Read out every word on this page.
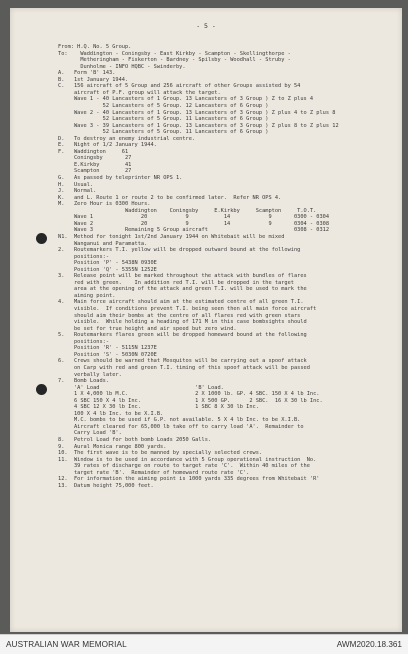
- 5 -
From: H.Q. No. 5 Group.
To:    Waddington - Coningsby - East Kirkby - Scampton - Skellingthorpe -
Metheringham - Fiskerton - Bardney - Spilsby - Woodhall - Struby -
Dunholme - INFO HQBC - Swinderby.
A.   Form 'B' 143.
B.   1st January 1944.
C.   156 aircraft of 5 Group and 256 aircraft of other Groups assisted by 54
aircraft of P.F. group will attack the target.
Wave 1 - 40 Lancasters of 1 Group. 13 Lancasters of 3 Group ) Z to Z plus 4
52 Lancasters of 5 Group. 12 Lancasters of 6 Group )
Wave 2 - 40 Lancasters of 1 Group. 13 Lancasters of 3 Group ) Z plus 4 to Z plus 8
52 Lancasters of 5 Group. 11 Lancasters of 6 Group )
Wave 3 - 39 Lancasters of 1 Group. 13 Lancasters of 3 Group ) Z plus 8 to Z plus 12
52 Lancasters of 5 Group. 11 Lancasters of 6 Group )
D.   To destroy an enemy industrial centre.
E.   Night of 1/2 January 1944.
F.   Waddington     61
Coningsby       27
E.Kirkby        41
Scampton        27
G.   As passed by teleprinter NR OPS 1.
H.   Usual.
J.   Normal.
K.   and L. Route 1 or route 2 to be confirmed later.  Refer NR OPS 4.
M.   Zero Hour is 0300 Hours.
Waddington    Coningsby     E.Kirkby     Scampton     T.O.T.
Wave 1               20            9           14            9       0300 - 0304
Wave 2               20            9           14            9       0304 - 0308
Wave 3          Remaining 5 Group aircraft                           0308 - 0312
N1.  Method for tonight 1st/2nd January 1944 on Whitebait will be mixed
Wanganui and Paramatta.
2.   Routemarkers T.I. yellow will be dropped outward bound at the following
positions:-
Position 'P' - 5438N 0930E
Position 'Q' - 5355N 1252E
3.   Release point will be marked throughout the attack with bundles of flares
red with green.    In addition red T.I. will be dropped in the target
area at the opening of the attack and green T.I. will be used to mark the
aiming point.
4.   Main force aircraft should aim at the estimated centre of all green T.I.
visible.  If conditions prevent T.I. being seen then all main force aircraft
should aim their bombs at the centre of all flares red with green stars
visible.  While holding a heading of 171 M in this case bombsights should
be set for true height and air speed but zero wind.
5.   Routemarkers flares green will be dropped homeward bound at the following
positions:-
Position 'R' - 5115N 1237E
Position 'S' - 5030N 0720E
6.   Crews should be warned that Mosquitos will be carrying out a spoof attack
on Carp with red and green T.I. timing of this spoof attack will be passed
verbally later.
7.   Bomb Loads.
'A' Load                              'B' Load.
1 X 4,000 lb M.C.                     2 X 1000 lb. GP. 4 SBC. 150 X 4 lb Inc.
6 SBC 150 X 4 lb Inc.                 1 X 500 GP.      2 SBC.  16 X 30 lb Inc.
4 SBC 12 X 30 lb Inc.                 1 SBC 8 X 30 lb Inc.
100 X 4 lb Inc. to be X.I.B.
M.C. bombs to be used if G.P. not available. 5 X 4 lb Inc. to be X.I.B.
Aircraft cleared for 65,000 lb take off to carry load 'A'.  Remainder to
Carry Load 'B'.
8.   Petrol Load for both bomb Loads 2050 Galls.
9.   Aural Monica range 800 yards.
10.  The first wave is to be manned by specially selected crews.
11.  Window is to be used in accordance with 5 Group operational instruction  No.
39 rates of discharge on route to target rate 'C'.  Within 40 miles of the
target rate 'B'.  Remainder of homeward route rate 'C'.
12.  For information the aiming point is 1000 yards 335 degrees from Whitebait 'R'
13.  Datum height 75,000 feet.
AUSTRALIAN WAR MEMORIAL	AWM2020.18.361
